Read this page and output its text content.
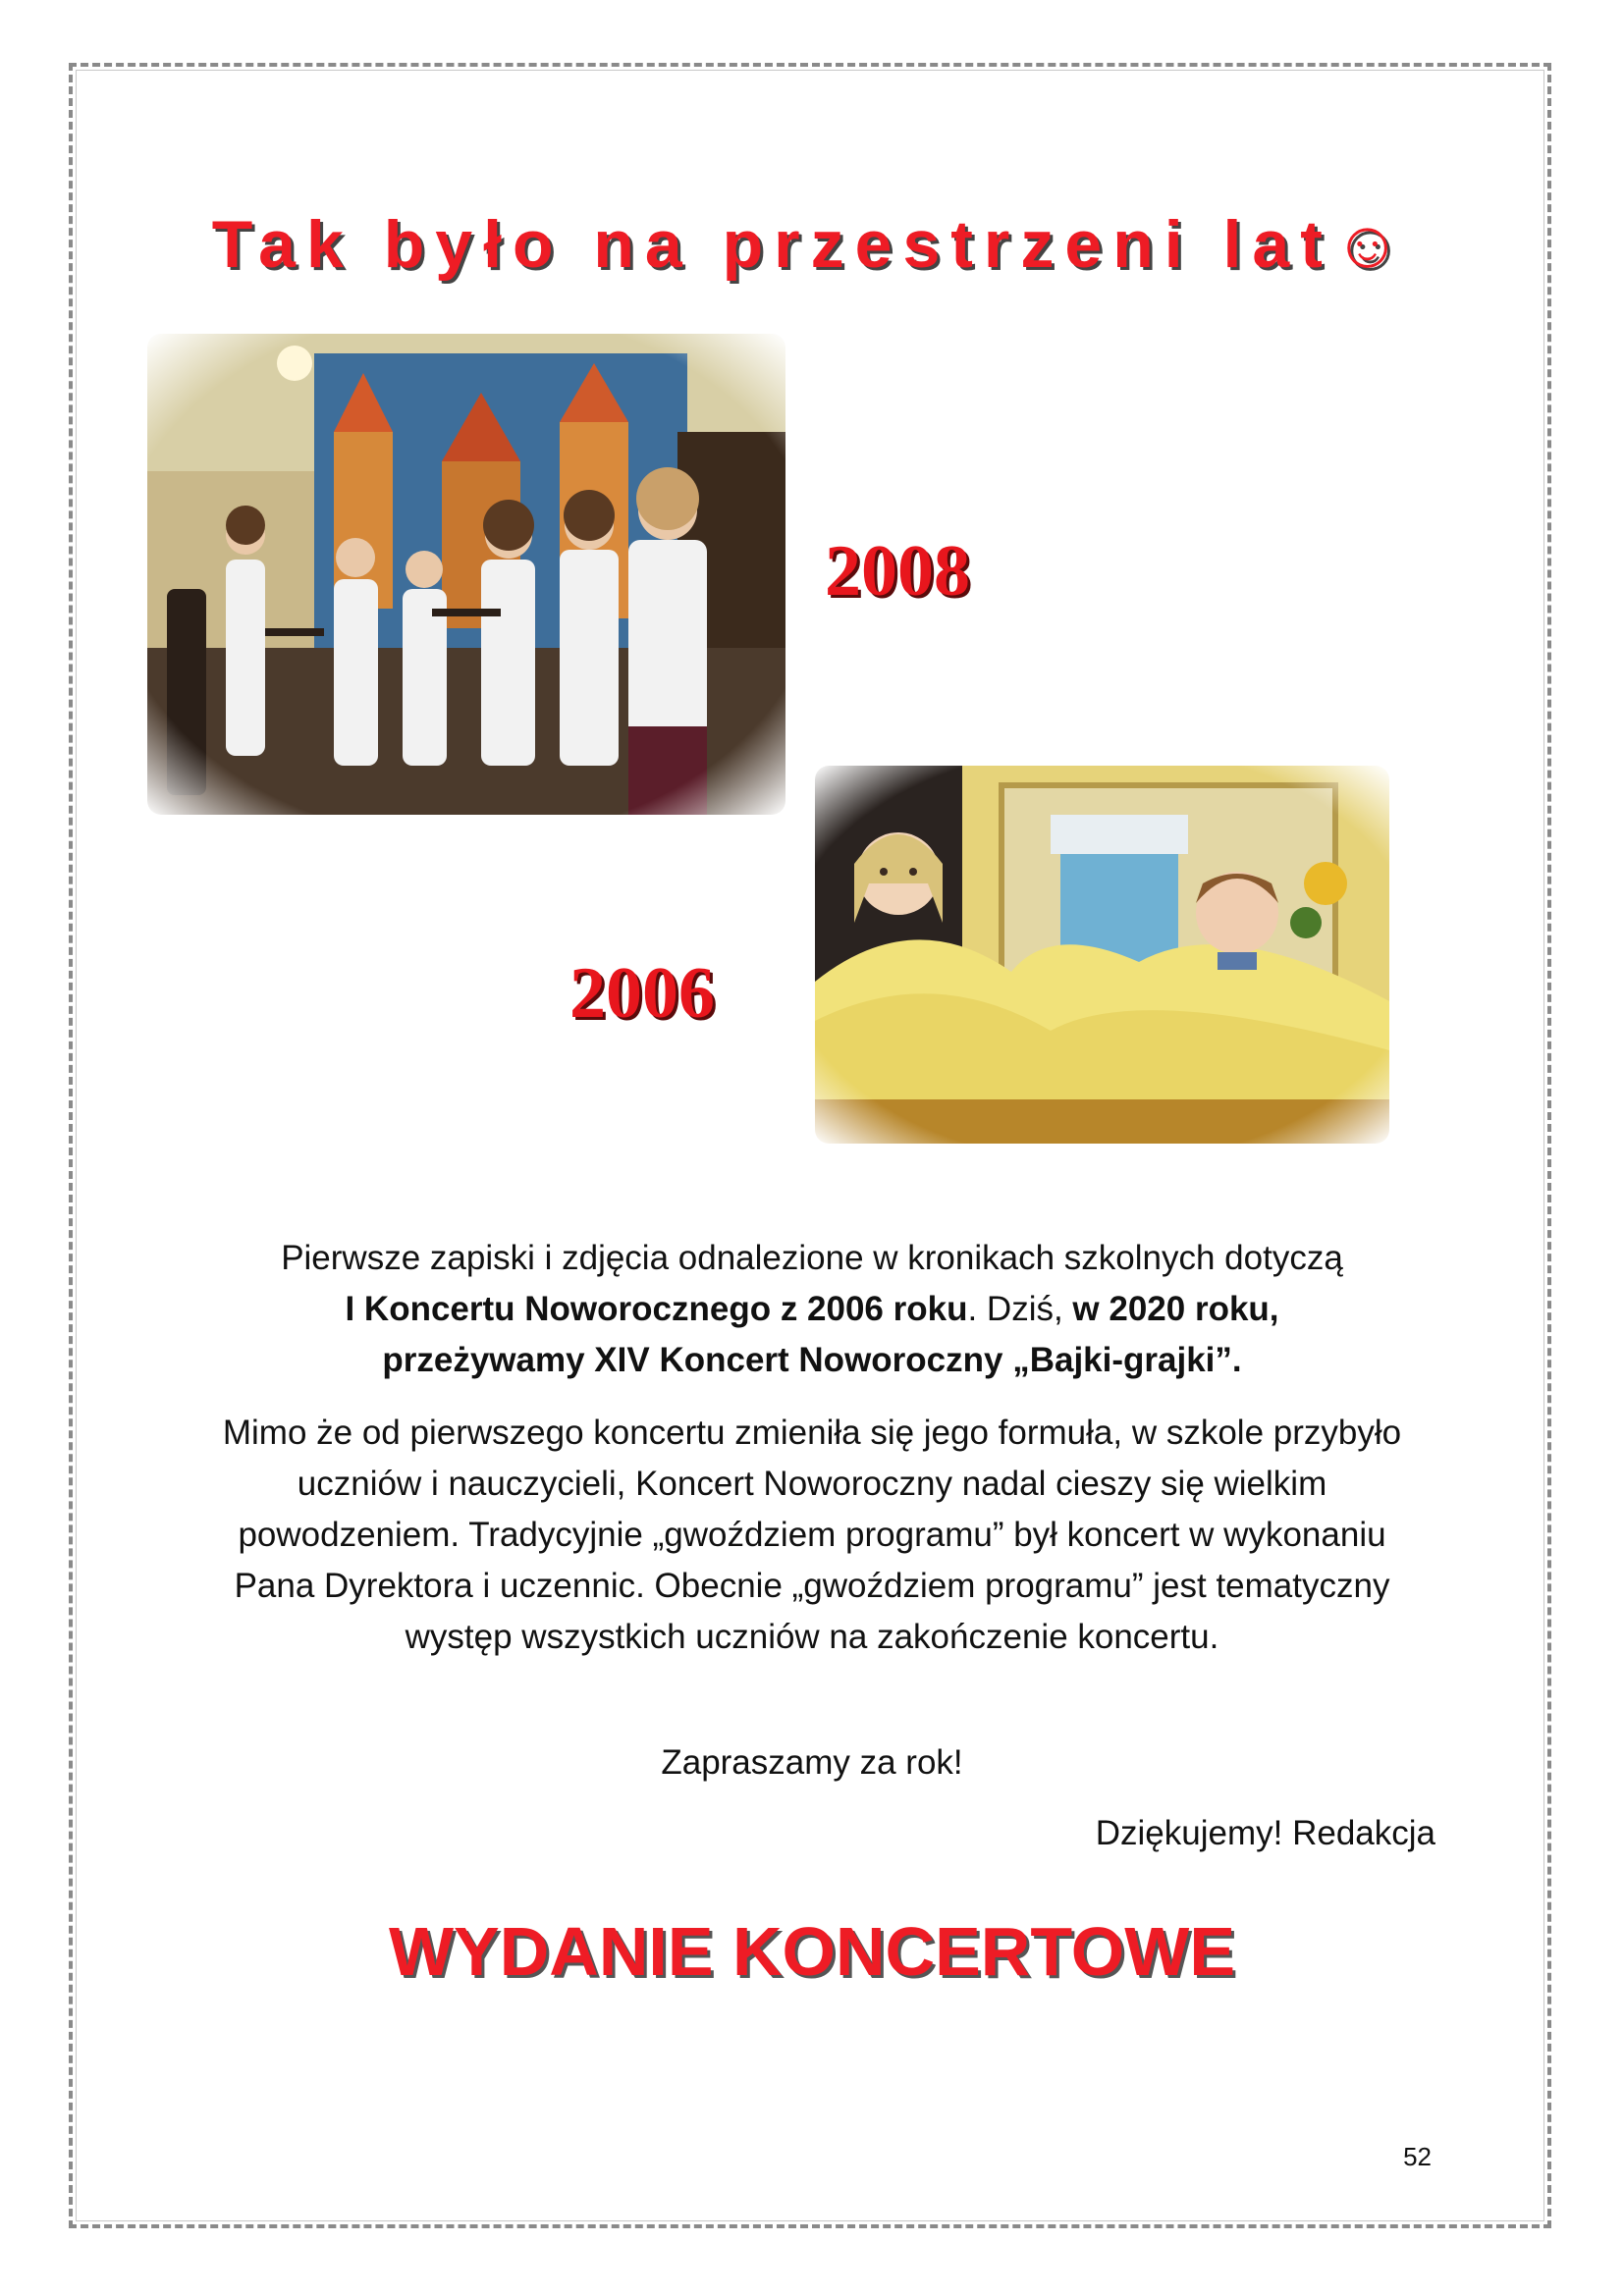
Tak było na przestrzeni lat☺
2008
2006

Pierwsze zapiski i zdjęcia odnalezione w kronikach szkolnych dotyczą
I Koncertu Noworocznego z 2006 roku. Dziś, w 2020 roku,
przeżywamy XIV Koncert Noworoczny „Bajki-grajki”.

Mimo że od pierwszego koncertu zmieniła się jego formuła, w szkole przybyło uczniów i nauczycieli, Koncert Noworoczny nadal cieszy się wielkim powodzeniem. Tradycyjnie „gwoździem programu” był koncert w wykonaniu Pana Dyrektora i uczennic. Obecnie „gwoździem programu” jest tematyczny występ wszystkich uczniów na zakończenie koncertu.

Zapraszamy za rok!

Dziękujemy! Redakcja
WYDANIE KONCERTOWE
52
